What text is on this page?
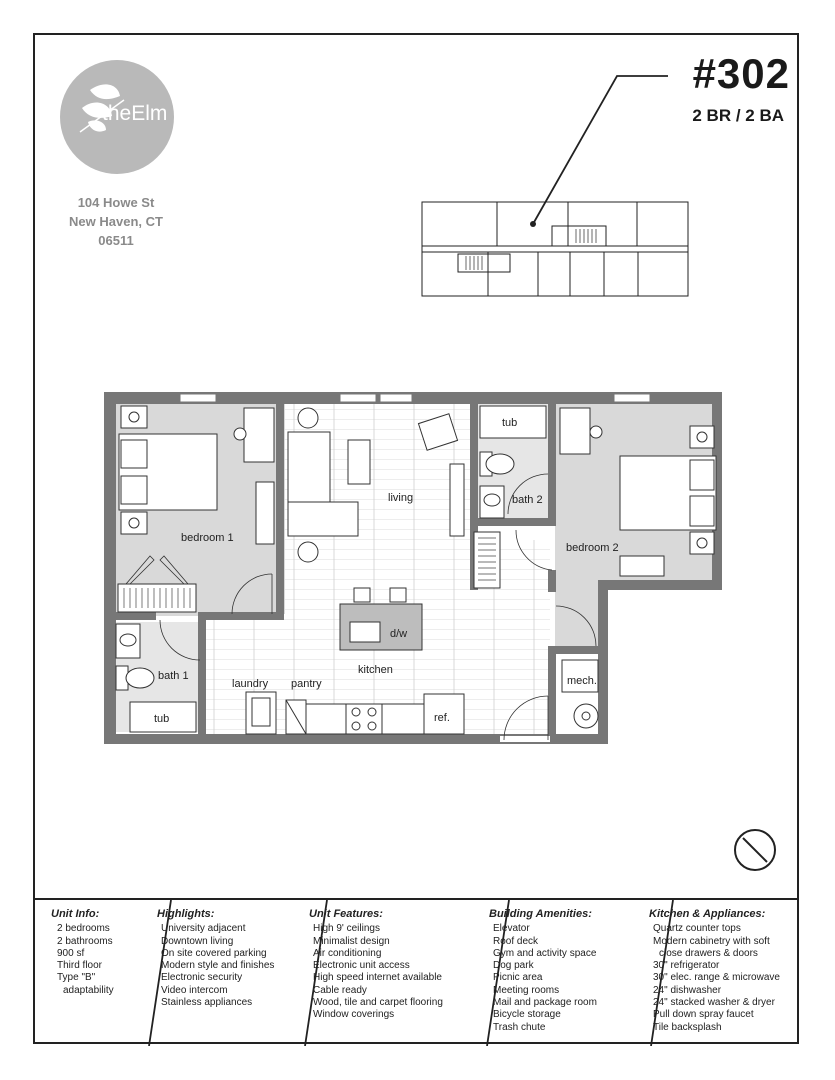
theElm
104 Howe St
New Haven, CT
06511
#302
2 BR / 2 BA
bedroom 1
living	bath 2
bedroom 2
tub
d/w
kitchen
bath 1
laundry pantry
ref.
mech.
tub
Unit Info:
2 bedrooms
2 bathrooms
900 sf
Third floor
Type "B"
adaptability
Highlights:
University adjacent
Downtown living
On site covered parking
Modern style and finishes
Electronic security
Video intercom
Stainless appliances
Unit Features:
High 9' ceilings
Minimalist design
Air conditioning
Electronic unit access
High speed internet available
Cable ready
Wood, tile and carpet flooring
Window coverings
Building Amenities:
Elevator
Roof deck
Gym and activity space
Dog park
Picnic area
Meeting rooms
Mail and package room
Bicycle storage
Trash chute
Kitchen & Appliances:
Quartz counter tops
Modern cabinetry with soft
close drawers & doors
30" refrigerator
30" elec. range & microwave
24" dishwasher
24" stacked washer & dryer
Pull down spray faucet
Tile backsplash
